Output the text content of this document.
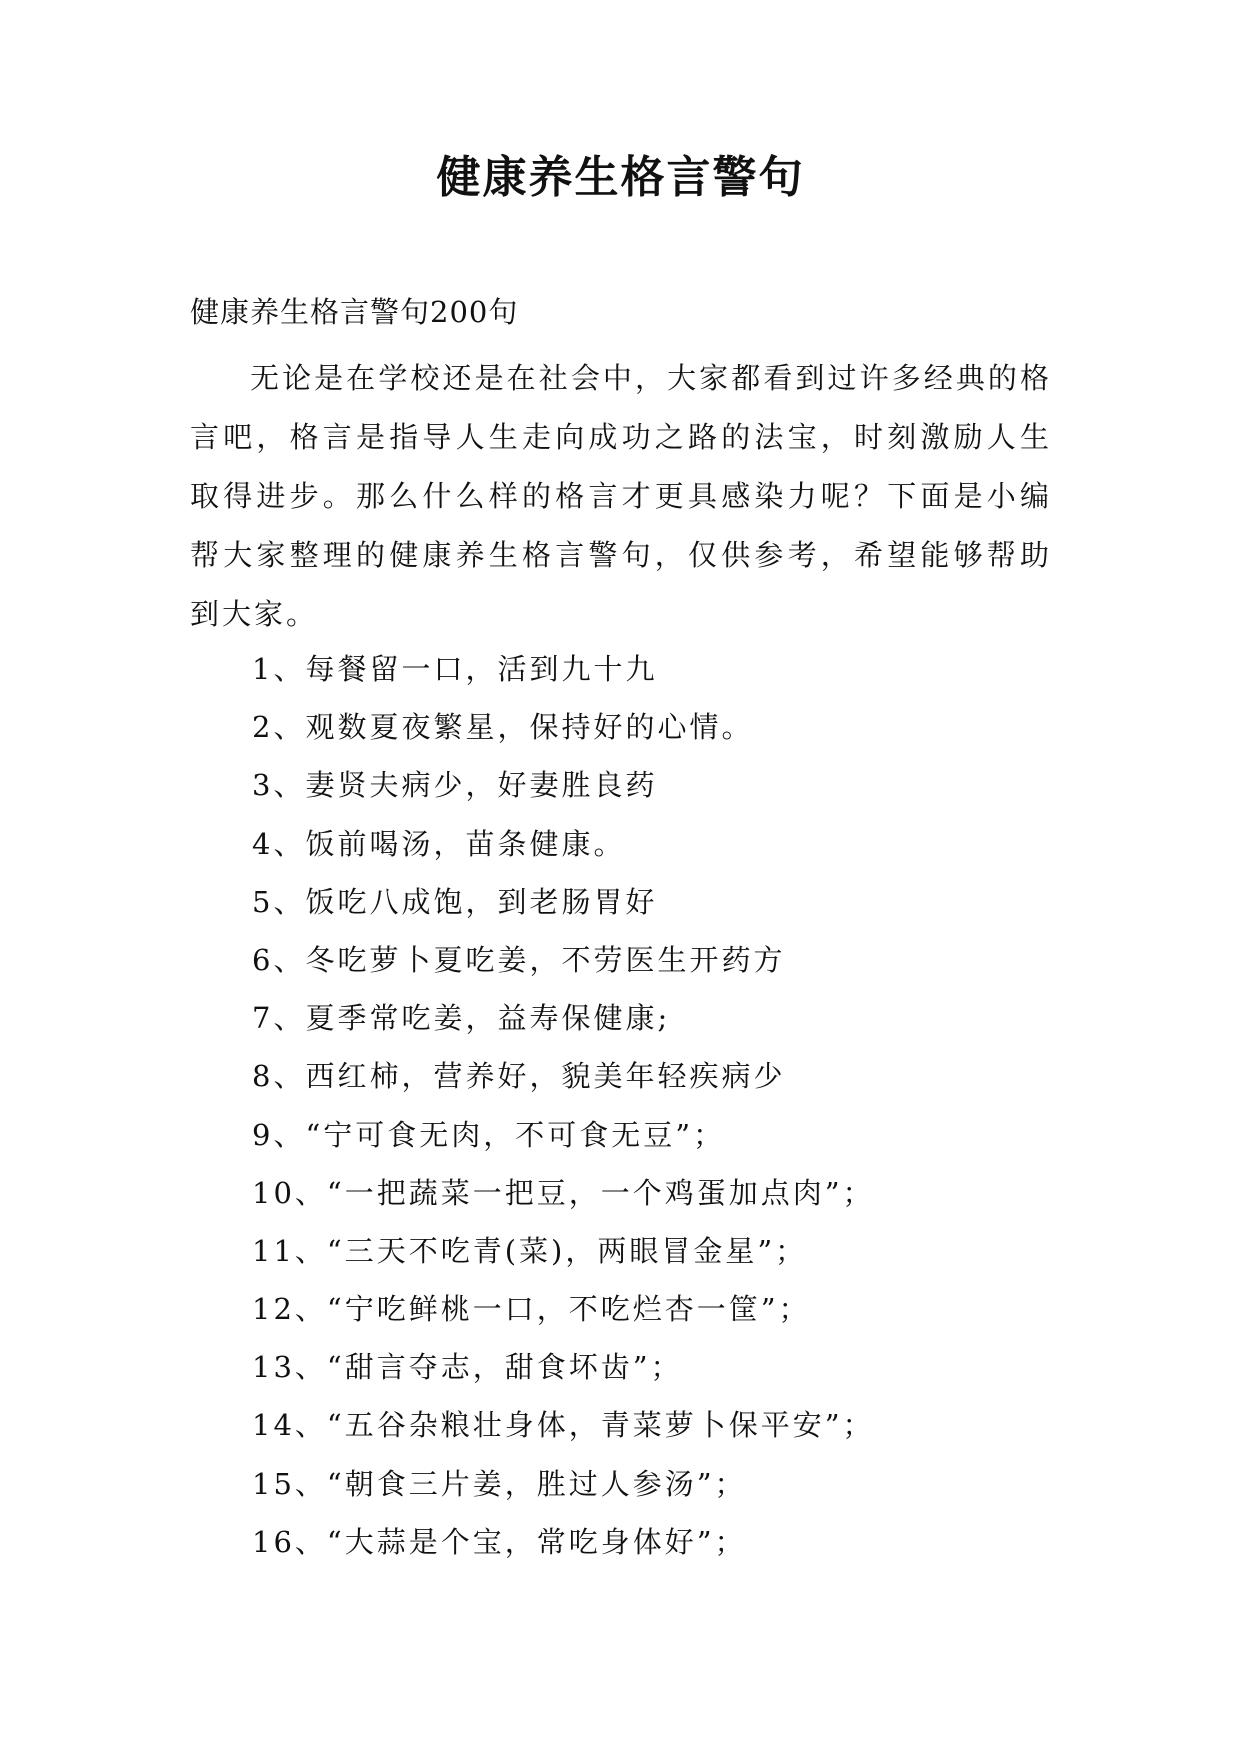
健康养生格言警句
健康养生格言警句200句

无论是在学校还是在社会中，大家都看到过许多经典的格言吧，格言是指导人生走向成功之路的法宝，时刻激励人生取得进步。那么什么样的格言才更具感染力呢？下面是小编帮大家整理的健康养生格言警句，仅供参考，希望能够帮助到大家。

1、每餐留一口，活到九十九
2、观数夏夜繁星，保持好的心情。
3、妻贤夫病少，好妻胜良药
4、饭前喝汤，苗条健康。
5、饭吃八成饱，到老肠胃好
6、冬吃萝卜夏吃姜，不劳医生开药方
7、夏季常吃姜，益寿保健康;
8、西红柿，营养好，貌美年轻疾病少
9、“宁可食无肉，不可食无豆”；
10、“一把蔬菜一把豆，一个鸡蛋加点肉”；
11、“三天不吃青(菜)，两眼冒金星”；
12、“宁吃鲜桃一口，不吃烂杏一筐”；
13、“甜言夺志，甜食坏齿”；
14、“五谷杂粮壮身体，青菜萝卜保平安”；
15、“朝食三片姜，胜过人参汤”；
16、“大蒜是个宝，常吃身体好”；
